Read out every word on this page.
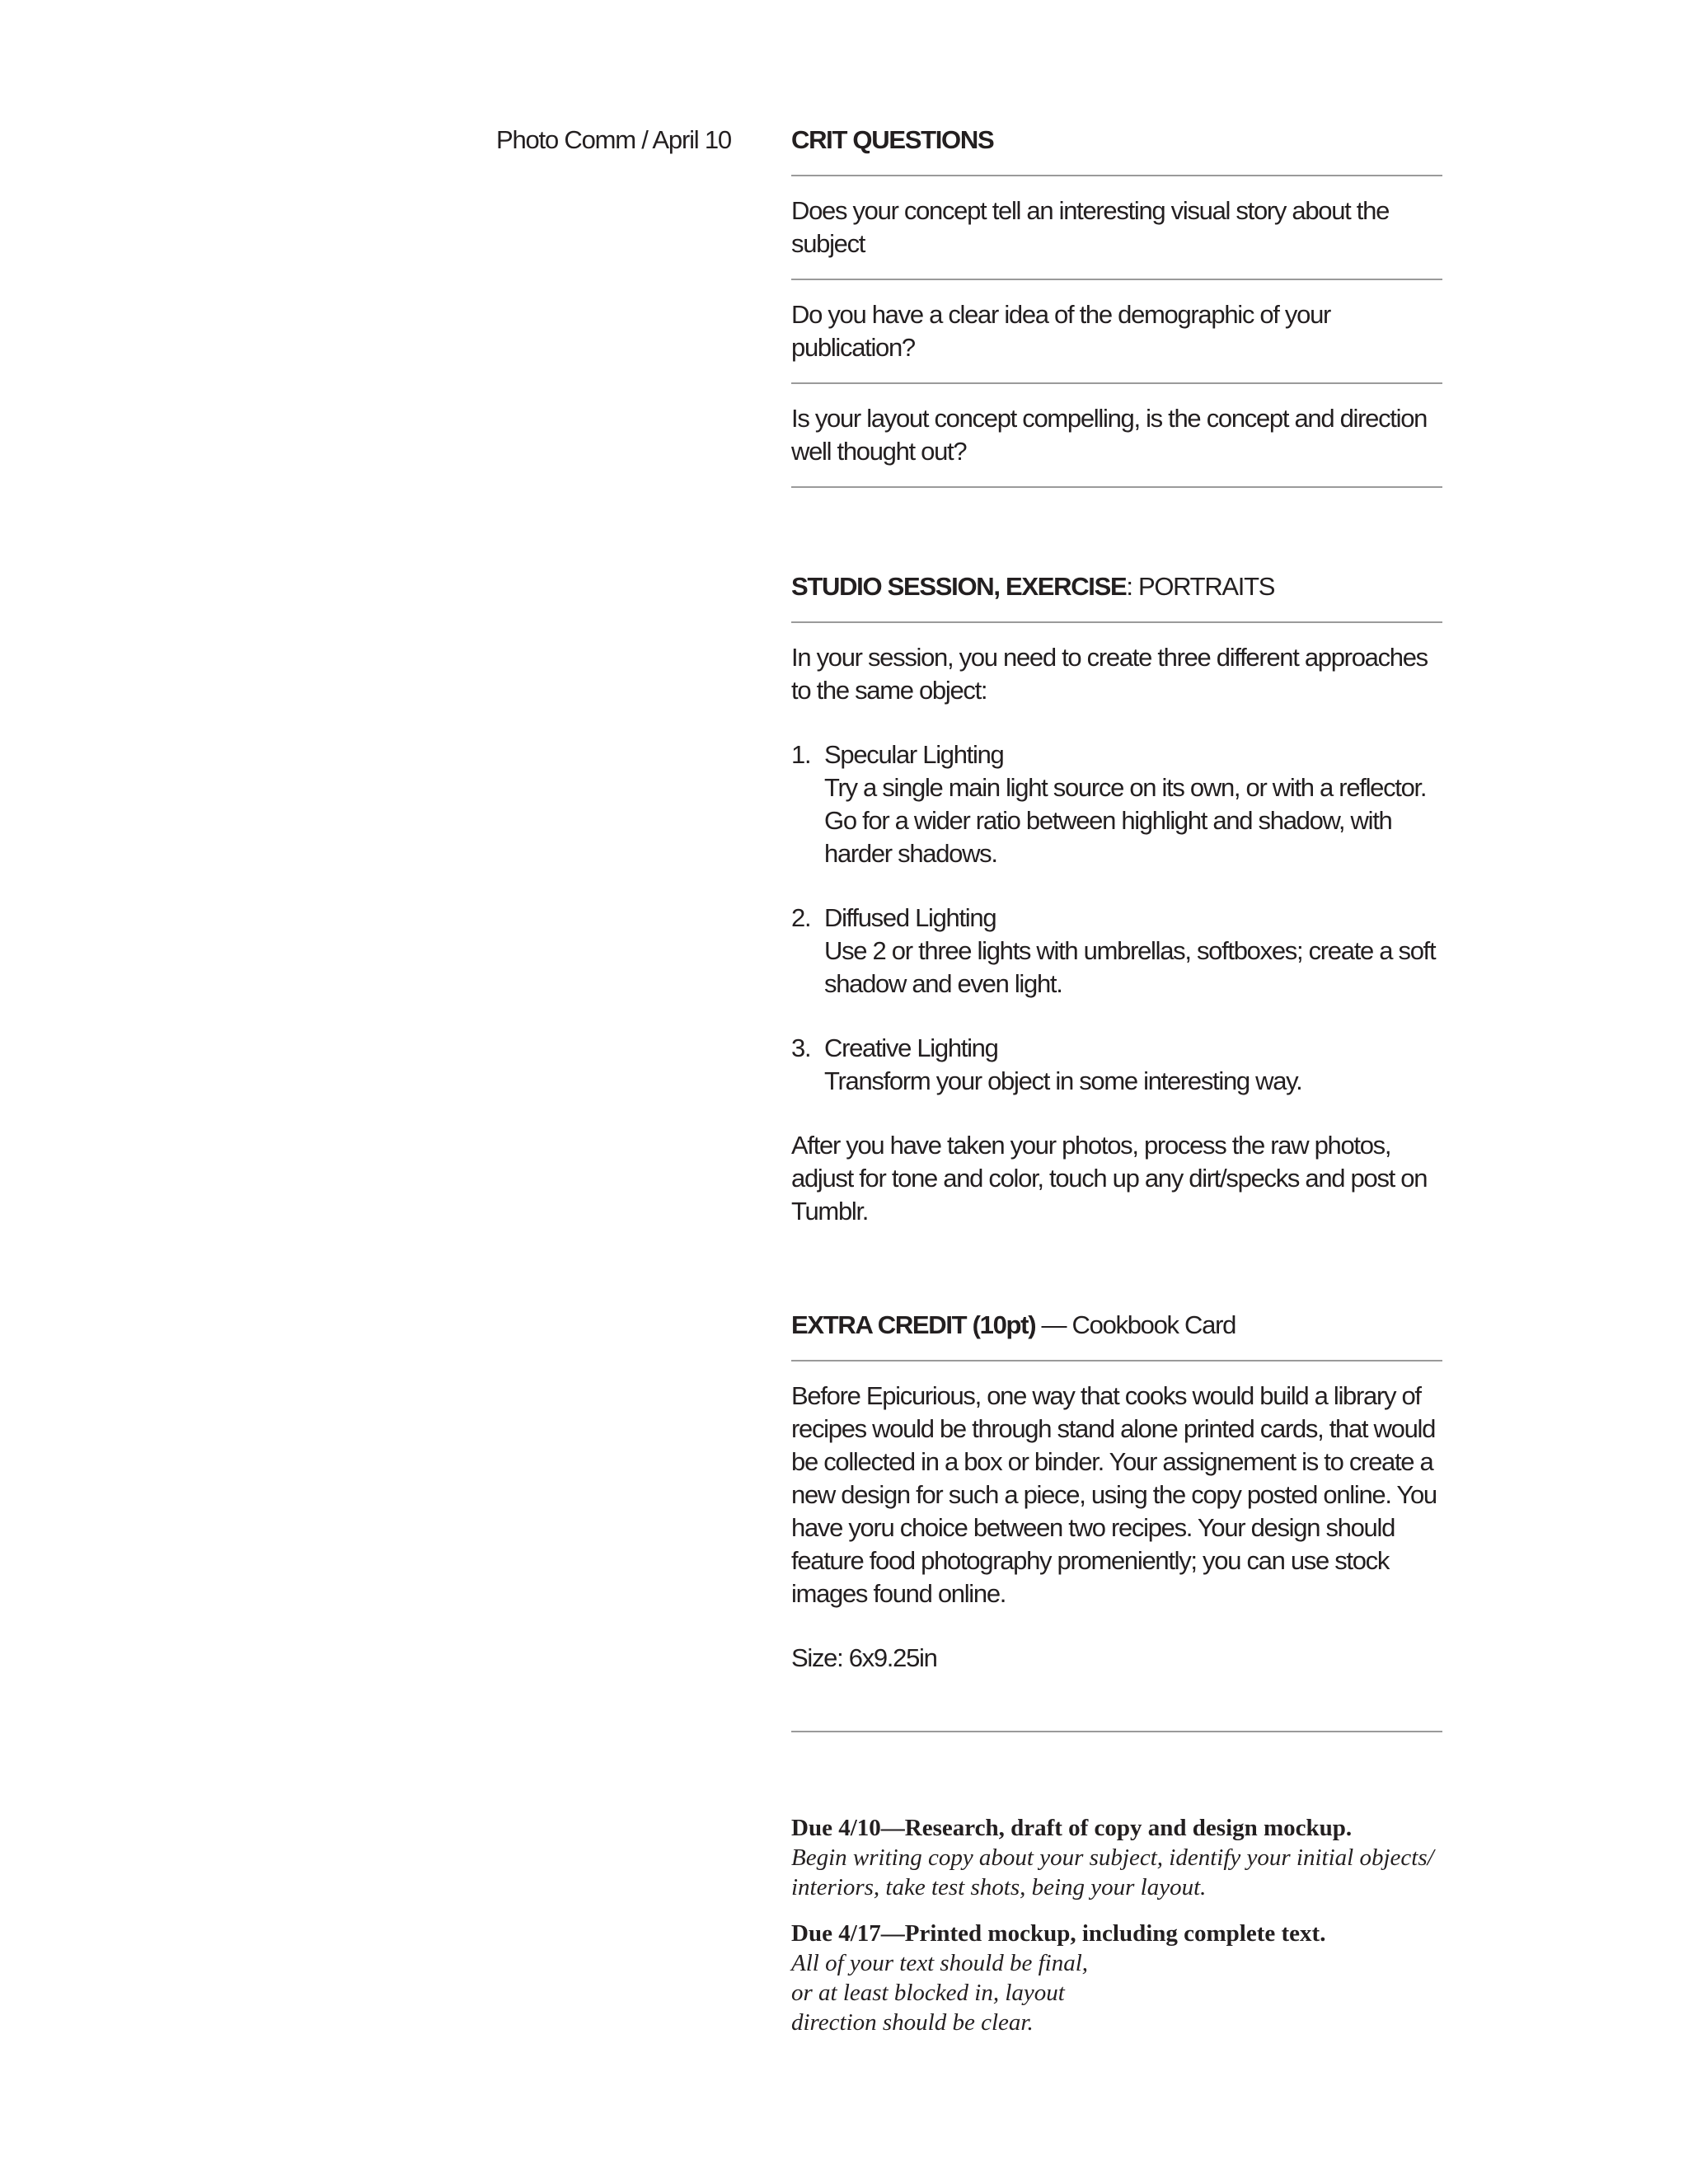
Photo Comm / April 10	CRIT QUESTIONS

Does your concept tell an interesting visual story about the subject

Do you have a clear idea of the demographic of your publication?

Is your layout concept compelling, is the concept and direction well thought out?

STUDIO SESSION, EXERCISE: PORTRAITS

In your session, you need to create three different approaches to the same object:

1. Specular Lighting

Try a single main light source on its own, or with a reflector. Go for a wider ratio between highlight and shadow, with harder shadows.

2. Diffused Lighting

Use 2 or three lights with umbrellas, softboxes; create a soft shadow and even light.

3. Creative Lighting

Transform your object in some interesting way.

After you have taken your photos, process the raw photos, adjust for tone and color, touch up any dirt/specks and post on Tumblr.

EXTRA CREDIT (10pt) — Cookbook Card

Before Epicurious, one way that cooks would build a library of recipes would be through stand alone printed cards, that would be collected in a box or binder. Your assignement is to create a new design for such a piece, using the copy posted online. You have yoru choice between two recipes. Your design should feature food photography promeniently; you can use stock images found online.

Size: 6x9.25in

Due 4/10—Research, draft of copy and design mockup.

Begin writing copy about your subject, identify your initial objects/

interiors, take test shots, being your layout.

Due 4/17—Printed mockup, including complete text.

All of your text should be final,

or at least blocked in, layout

direction should be clear.
